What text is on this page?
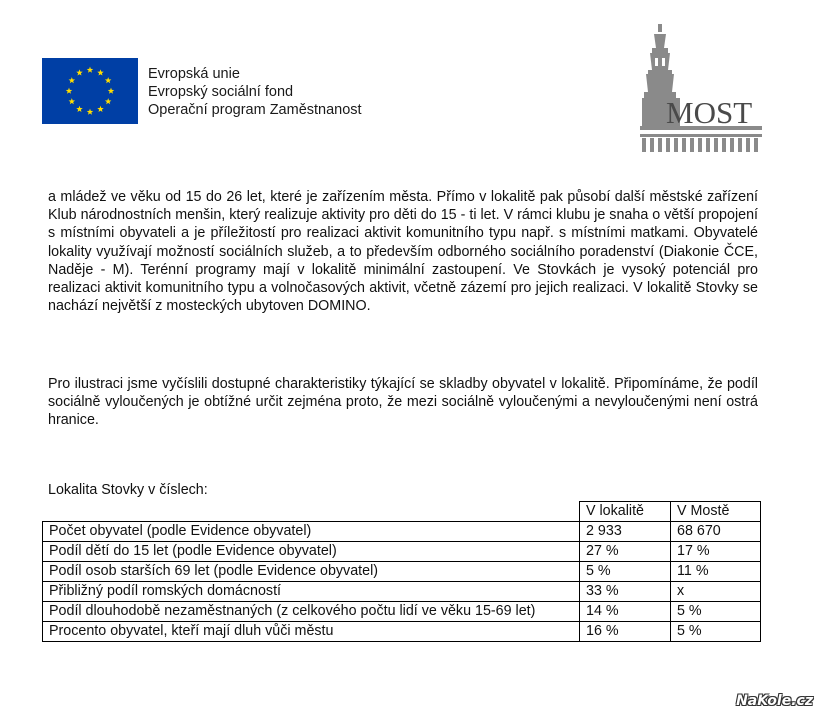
Evropská unie
Evropský sociální fond
Operační program Zaměstnanost	MOST

a mládež ve věku od 15 do 26 let, které je zařízením města. Přímo v lokalitě pak působí další městské zařízení Klub národnostních menšin, který realizuje aktivity pro děti do 15 - ti let. V rámci klubu je snaha o větší propojení s místními obyvateli a je příležitostí pro realizaci aktivit komunitního typu např. s místními matkami. Obyvatelé lokality využívají možností sociálních služeb, a to především odborného sociálního poradenství (Diakonie ČCE, Naděje - M). Terénní programy mají v lokalitě minimální zastoupení. Ve Stovkách je vysoký potenciál pro realizaci aktivit komunitního typu a volnočasových aktivit, včetně zázemí pro jejich realizaci. V lokalitě Stovky se nachází největší z mosteckých ubytoven DOMINO.

Pro ilustraci jsme vyčíslili dostupné charakteristiky týkající se skladby obyvatel v lokalitě. Připomínáme, že podíl sociálně vyloučených je obtížné určit zejména proto, že mezi sociálně vyloučenými a nevyloučenými není ostrá hranice.

Lokalita Stovky v číslech:
	V lokalitě	V Mostě
Počet obyvatel (podle Evidence obyvatel)	2 933	68 670
Podíl dětí do 15 let (podle Evidence obyvatel)	27 %	17 %
Podíl osob starších 69 let (podle Evidence obyvatel)	5 %	11 %
Přibližný podíl romských domácností	33 %	x
Podíl dlouhodobě nezaměstnaných (z celkového počtu lidí ve věku 15-69 let)	14 %	5 %
Procento obyvatel, kteří mají dluh vůči městu	16 %	5 %
NaKole.cz
